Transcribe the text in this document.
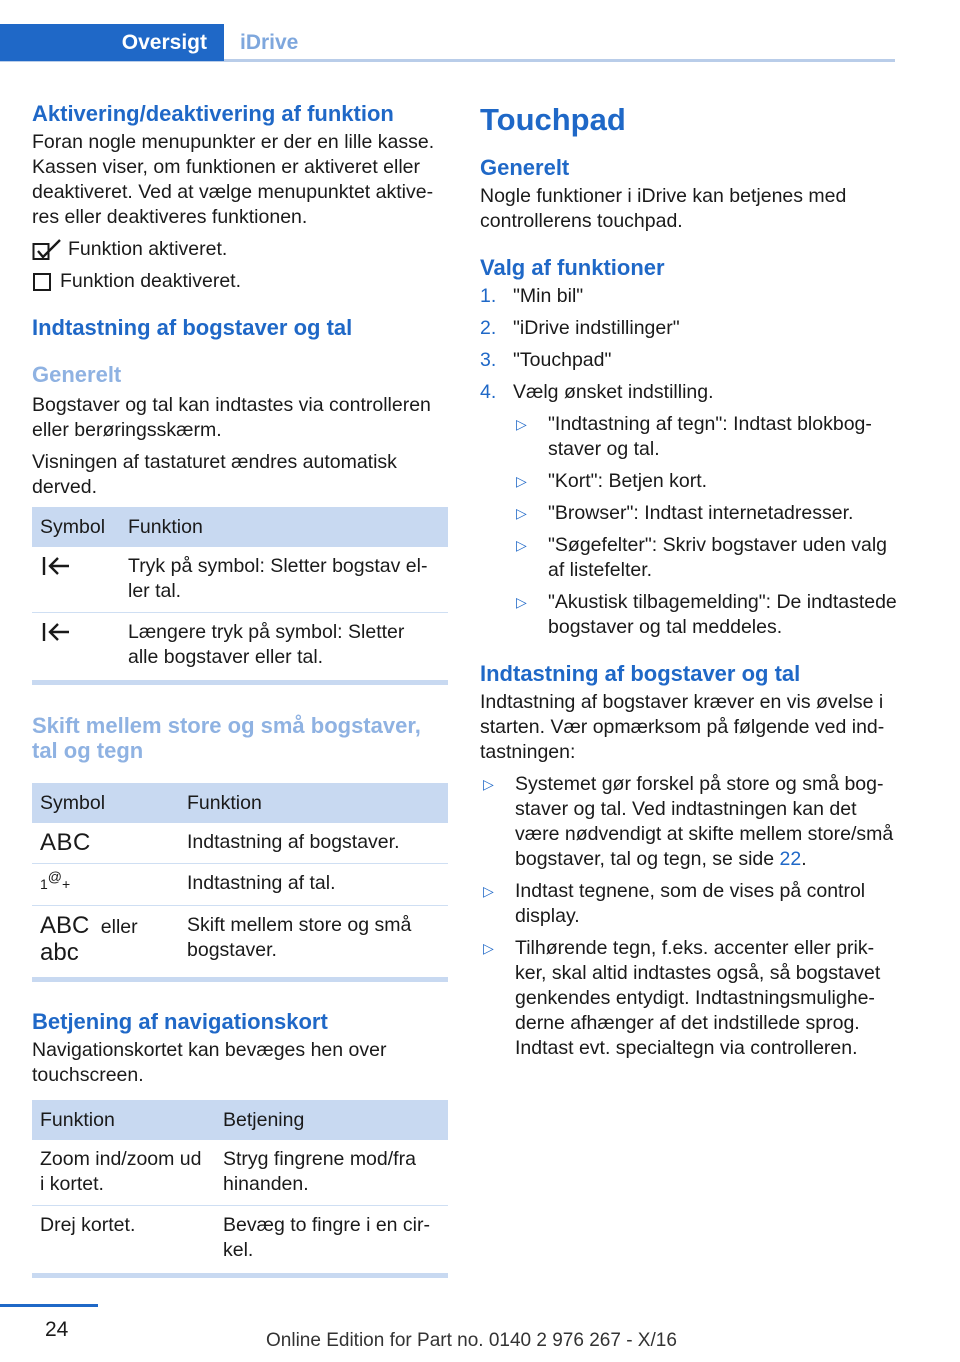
Oversigt	iDrive
Aktivering/deaktivering af funktion

Foran nogle menupunkter er der en lille kasse. Kassen viser, om funktionen er aktiveret eller deaktiveret. Ved at vælge menupunktet aktiveres eller deaktiveres funktionen.

Funktion aktiveret.
Funktion deaktiveret.
Indtastning af bogstaver og tal
Generelt

Bogstaver og tal kan indtastes via controlleren eller berøringsskærm.

Visningen af tastaturet ændres automatisk derved.

Symbol	Funktion
	Tryk på symbol: Sletter bogstav eller tal.
	Længere tryk på symbol: Sletter alle bogstaver eller tal.
Skift mellem store og små bogstaver, tal og tegn
Symbol	Funktion
ABC	Indtastning af bogstaver.
1@+	Indtastning af tal.
ABC eller
abc	Skift mellem store og små bogstaver.
Betjening af navigationskort

Navigationskortet kan bevæges hen over touchscreen.

Funktion	Betjening
Zoom ind/zoom ud i kortet.	Stryg fingrene mod/fra hinanden.
Drej kortet.	Bevæg to fingre i en cirkel.
Touchpad
Generelt

Nogle funktioner i iDrive kan betjenes med controllerens touchpad.

Valg af funktioner
1. "Min bil"
2. "iDrive indstillinger"
3. "Touchpad"
4. Vælg ønsket indstilling.
▷	"Indtastning af tegn": Indtast blokbogstaver og tal.
▷	"Kort": Betjen kort.
▷	"Browser": Indtast internetadresser.
▷	"Søgefelter": Skriv bogstaver uden valg af listefelter.
▷	"Akustisk tilbagemelding": De indtastede bogstaver og tal meddeles.
Indtastning af bogstaver og tal

Indtastning af bogstaver kræver en vis øvelse i starten. Vær opmærksom på følgende ved indtastningen:

▷	Systemet gør forskel på store og små bogstaver og tal. Ved indtastningen kan det være nødvendigt at skifte mellem store/små bogstaver, tal og tegn, se side 22.
▷	Indtast tegnene, som de vises på control display.
▷	Tilhørende tegn, f.eks. accenter eller prikker, skal altid indtastes også, så bogstavet genkendes entydigt. Indtastningsmulighederne afhænger af det indstillede sprog. Indtast evt. specialtegn via controlleren.
24	Online Edition for Part no. 0140 2 976 267 - X/16
